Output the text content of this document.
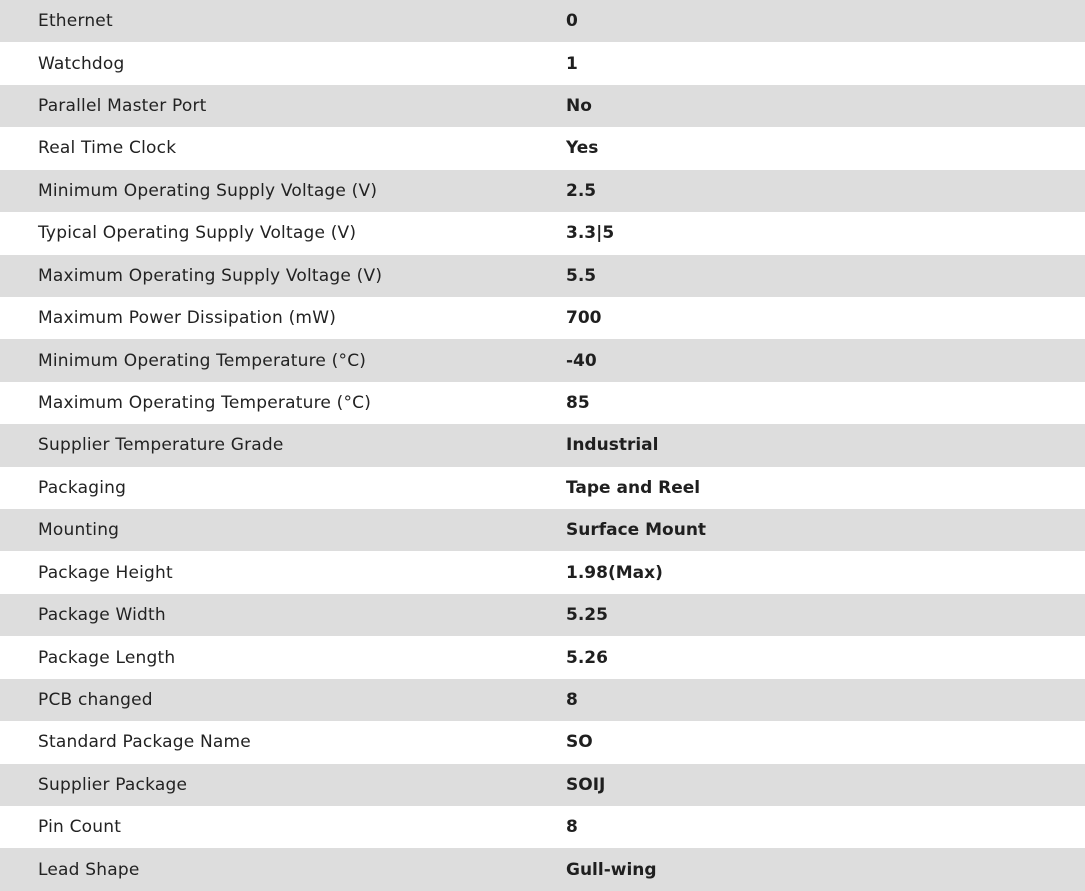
Ethernet	0
Watchdog	1
Parallel Master Port	No
Real Time Clock	Yes
Minimum Operating Supply Voltage (V)	2.5
Typical Operating Supply Voltage (V)	3.3|5
Maximum Operating Supply Voltage (V)	5.5
Maximum Power Dissipation (mW)	700
Minimum Operating Temperature (°C)	-40
Maximum Operating Temperature (°C)	85
Supplier Temperature Grade	Industrial
Packaging	Tape and Reel
Mounting	Surface Mount
Package Height	1.98(Max)
Package Width	5.25
Package Length	5.26
PCB changed	8
Standard Package Name	SO
Supplier Package	SOIJ
Pin Count	8
Lead Shape	Gull-wing
